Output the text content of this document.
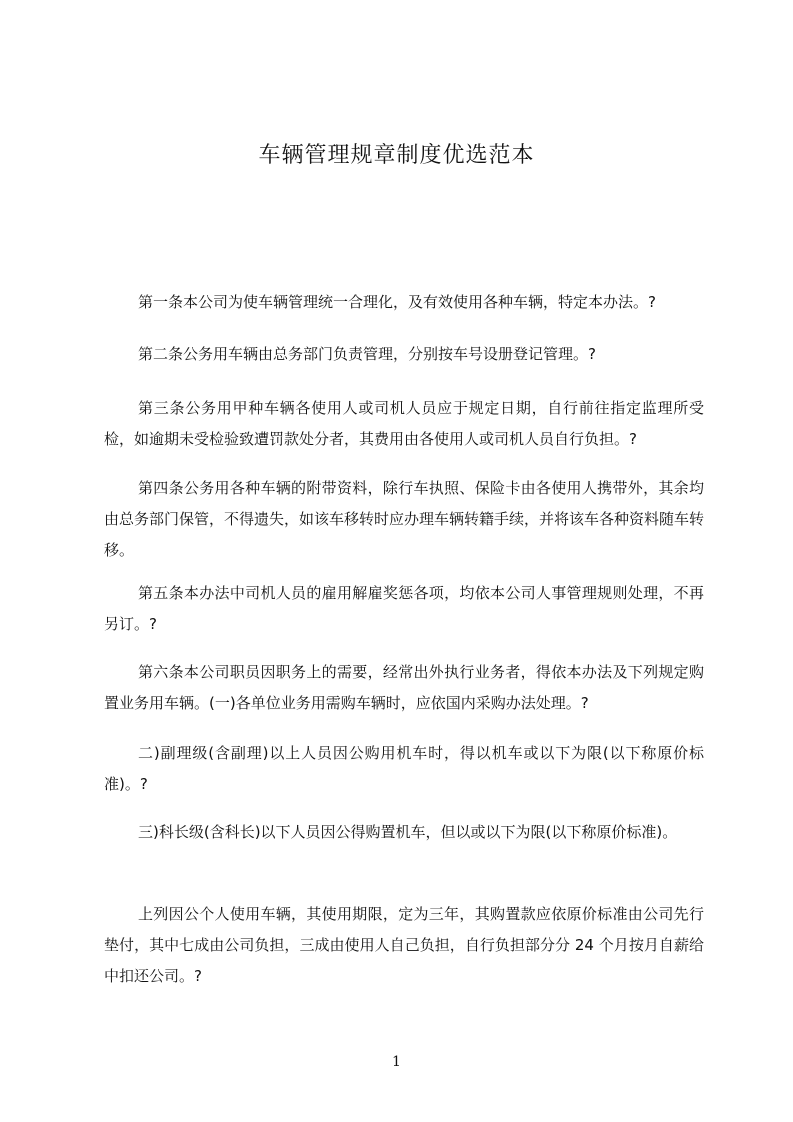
车辆管理规章制度优选范本

第一条本公司为使车辆管理统一合理化，及有效使用各种车辆，特定本办法。?

第二条公务用车辆由总务部门负责管理，分别按车号设册登记管理。?

第三条公务用甲种车辆各使用人或司机人员应于规定日期，自行前往指定监理所受检，如逾期未受检验致遭罚款处分者，其费用由各使用人或司机人员自行负担。?

第四条公务用各种车辆的附带资料，除行车执照、保险卡由各使用人携带外，其余均由总务部门保管，不得遗失，如该车移转时应办理车辆转籍手续，并将该车各种资料随车转移。

第五条本办法中司机人员的雇用解雇奖惩各项，均依本公司人事管理规则处理，不再另订。?

第六条本公司职员因职务上的需要，经常出外执行业务者，得依本办法及下列规定购置业务用车辆。(一)各单位业务用需购车辆时，应依国内采购办法处理。?

二)副理级(含副理)以上人员因公购用机车时，得以机车或以下为限(以下称原价标准)。?

三)科长级(含科长)以下人员因公得购置机车，但以或以下为限(以下称原价标准)。

上列因公个人使用车辆，其使用期限，定为三年，其购置款应依原价标准由公司先行垫付，其中七成由公司负担，三成由使用人自己负担，自行负担部分分 24 个月按月自薪给中扣还公司。?

1
